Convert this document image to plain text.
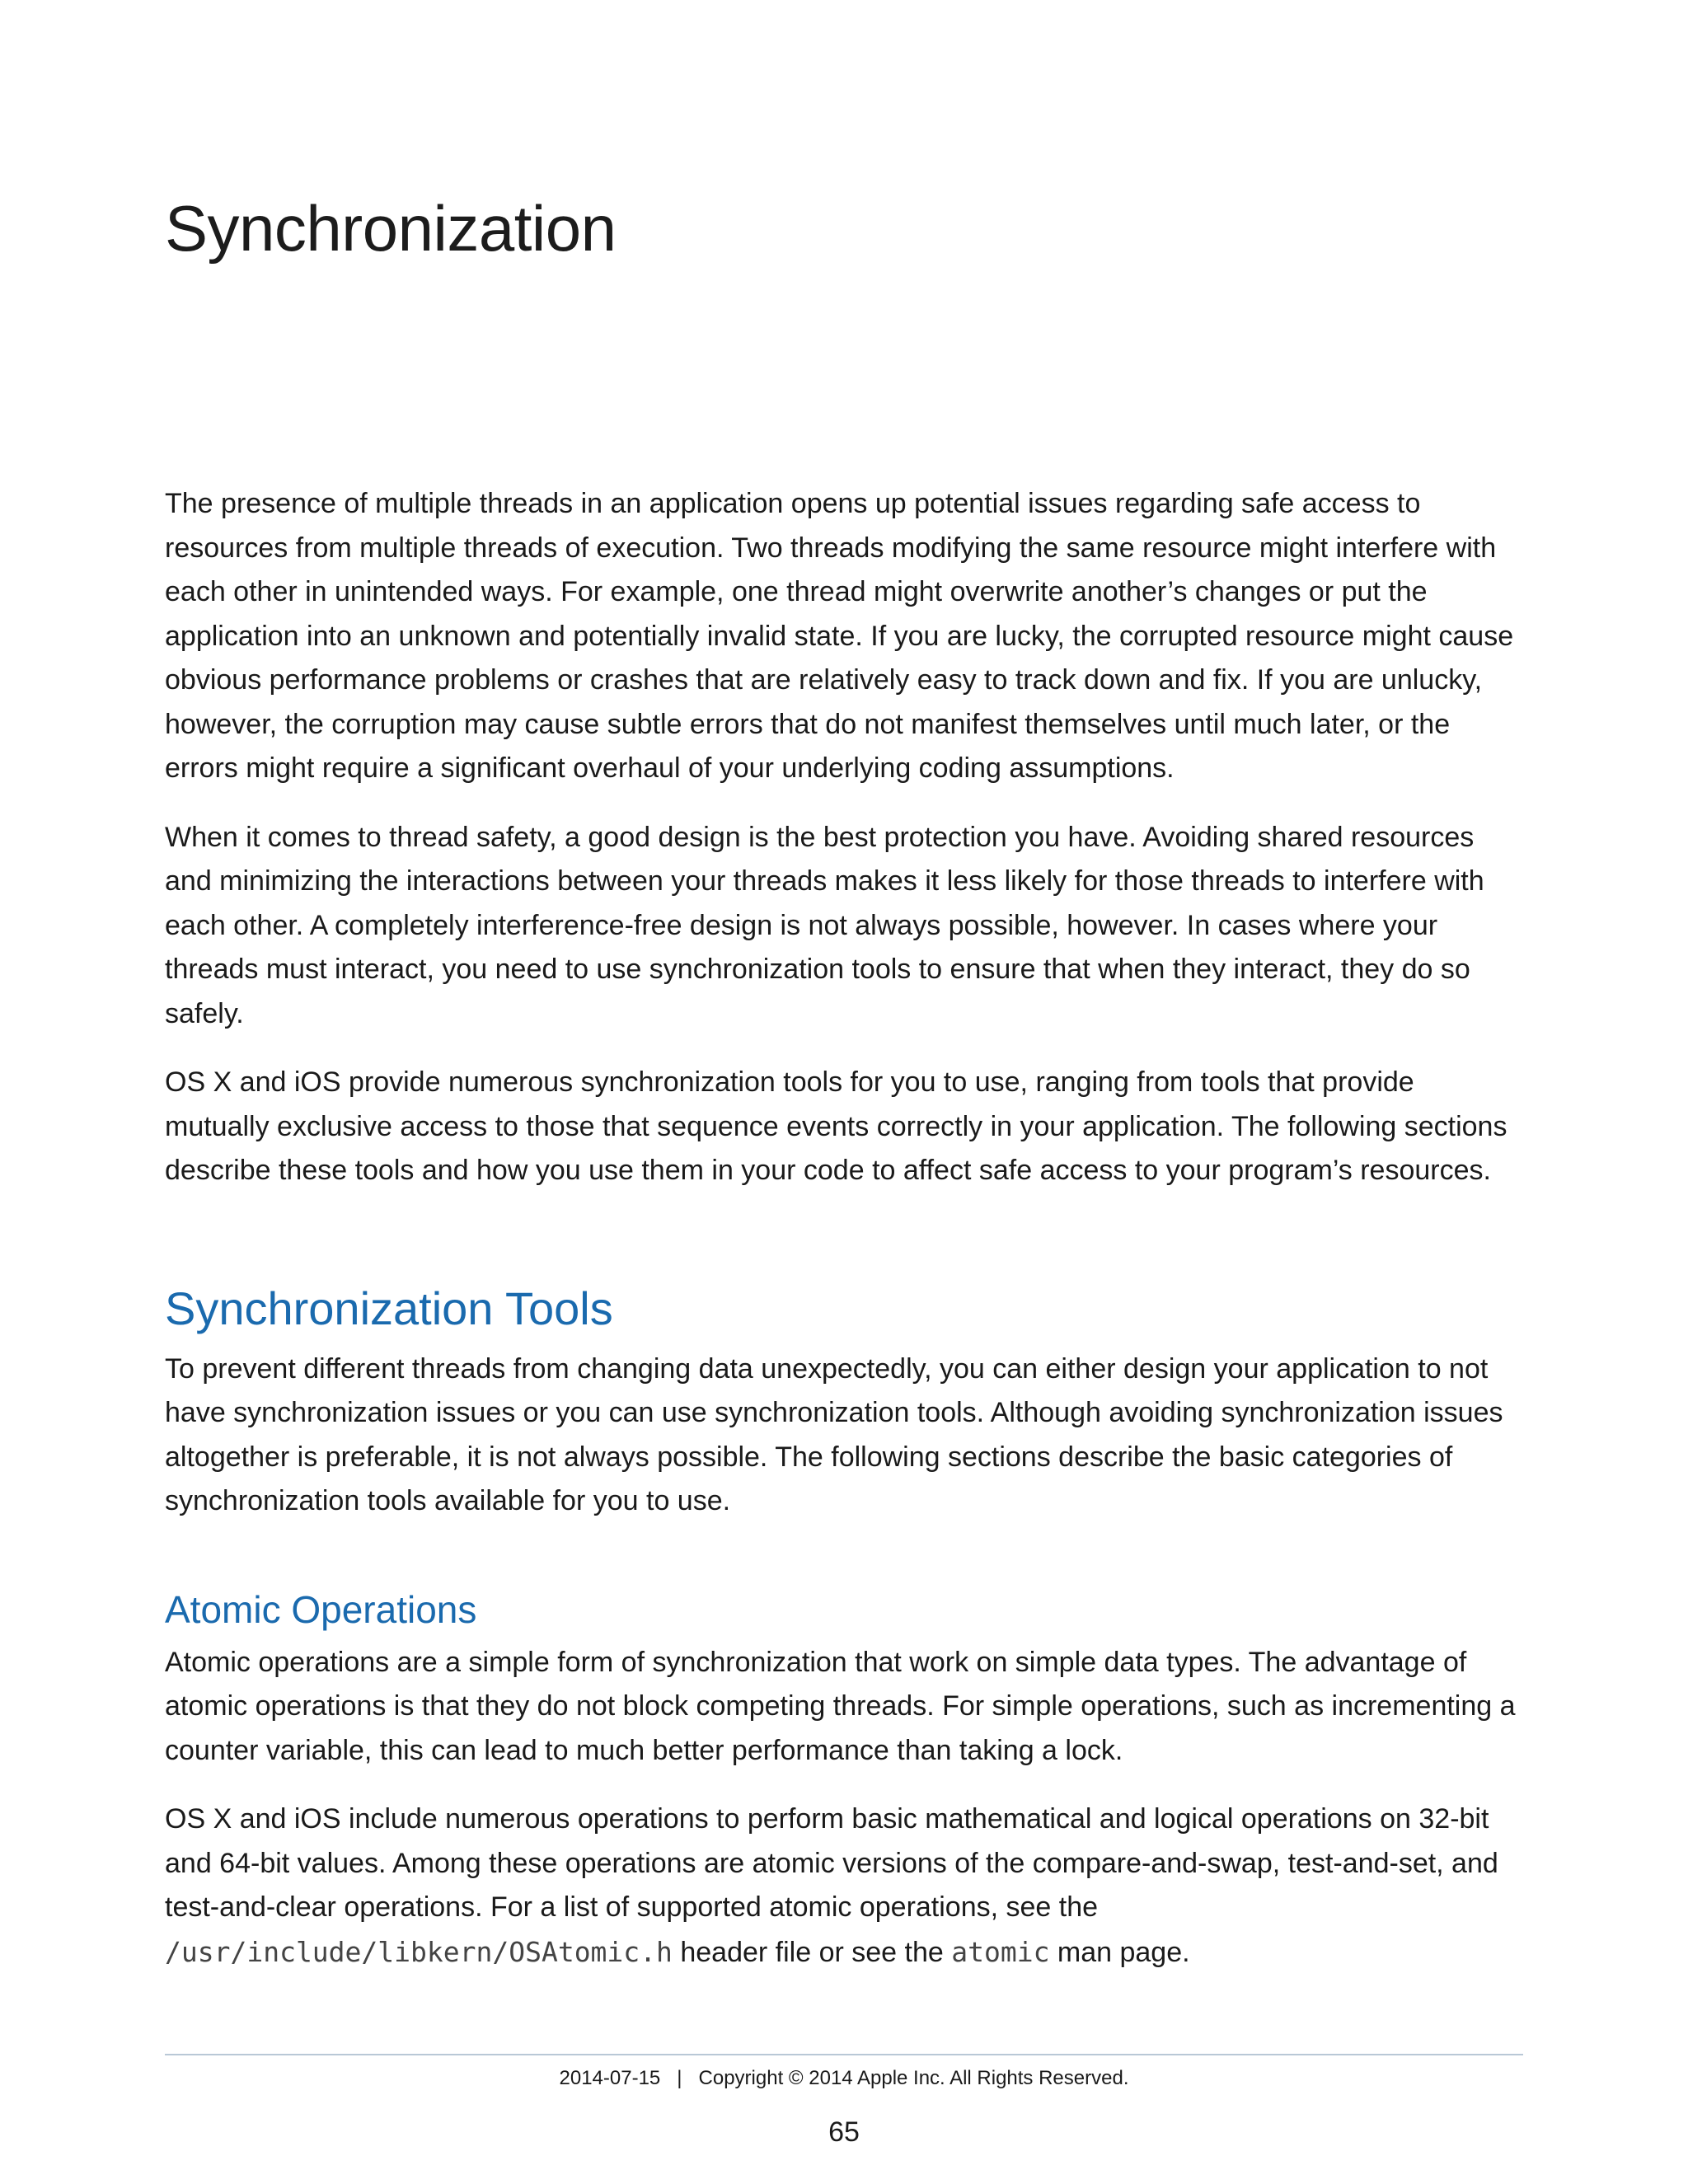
Synchronization

The presence of multiple threads in an application opens up potential issues regarding safe access to resources from multiple threads of execution. Two threads modifying the same resource might interfere with each other in unintended ways. For example, one thread might overwrite another’s changes or put the application into an unknown and potentially invalid state. If you are lucky, the corrupted resource might cause obvious performance problems or crashes that are relatively easy to track down and fix. If you are unlucky, however, the corruption may cause subtle errors that do not manifest themselves until much later, or the errors might require a significant overhaul of your underlying coding assumptions.

When it comes to thread safety, a good design is the best protection you have. Avoiding shared resources and minimizing the interactions between your threads makes it less likely for those threads to interfere with each other. A completely interference-free design is not always possible, however. In cases where your threads must interact, you need to use synchronization tools to ensure that when they interact, they do so safely.

OS X and iOS provide numerous synchronization tools for you to use, ranging from tools that provide mutually exclusive access to those that sequence events correctly in your application. The following sections describe these tools and how you use them in your code to affect safe access to your program’s resources.

Synchronization Tools

To prevent different threads from changing data unexpectedly, you can either design your application to not have synchronization issues or you can use synchronization tools. Although avoiding synchronization issues altogether is preferable, it is not always possible. The following sections describe the basic categories of synchronization tools available for you to use.

Atomic Operations

Atomic operations are a simple form of synchronization that work on simple data types. The advantage of atomic operations is that they do not block competing threads. For simple operations, such as incrementing a counter variable, this can lead to much better performance than taking a lock.

OS X and iOS include numerous operations to perform basic mathematical and logical operations on 32-bit and 64-bit values. Among these operations are atomic versions of the compare-and-swap, test-and-set, and test-and-clear operations. For a list of supported atomic operations, see the /usr/include/libkern/OSAtomic.h header file or see the atomic man page.

2014-07-15 | Copyright © 2014 Apple Inc. All Rights Reserved.
65
